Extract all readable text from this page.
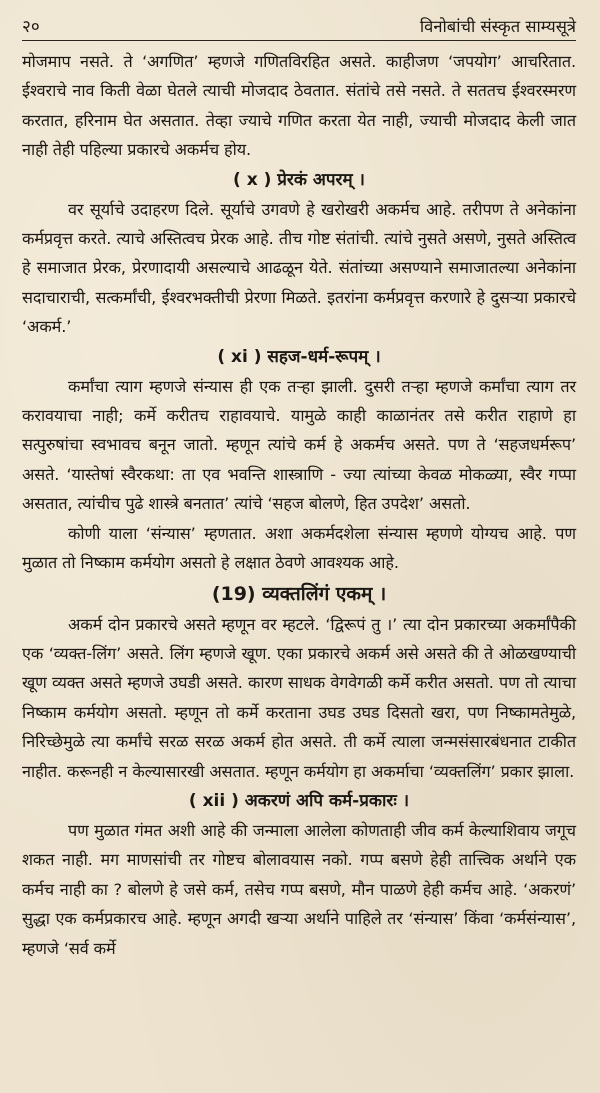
२०	विनोबांची संस्कृत साम्यसूत्रे

मोजमाप नसते. ते ‘अगणित’ म्हणजे गणितविरहित असते. काहीजण ‘जपयोग’ आचरितात. ईश्वराचे नाव किती वेळा घेतले त्याची मोजदाद ठेवतात. संतांचे तसे नसते. ते सततच ईश्वरस्मरण करतात, हरिनाम घेत असतात. तेव्हा ज्याचे गणित करता येत नाही, ज्याची मोजदाद केली जात नाही तेही पहिल्या प्रकारचे अकर्मच होय.

( x ) प्रेरकं अपरम् ।

वर सूर्याचे उदाहरण दिले. सूर्याचे उगवणे हे खरोखरी अकर्मच आहे. तरीपण ते अनेकांना कर्मप्रवृत्त करते. त्याचे अस्तित्वच प्रेरक आहे. तीच गोष्ट संतांची. त्यांचे नुसते असणे, नुसते अस्तित्व हे समाजात प्रेरक, प्रेरणादायी असल्याचे आढळून येते. संतांच्या असण्याने समाजातल्या अनेकांना सदाचाराची, सत्कर्मांची, ईश्वरभक्तीची प्रेरणा मिळते. इतरांना कर्मप्रवृत्त करणारे हे दुसऱ्या प्रकारचे ‘अकर्म.’

( xi ) सहज-धर्म-रूपम् ।

कर्मांचा त्याग म्हणजे संन्यास ही एक तऱ्हा झाली. दुसरी तऱ्हा म्हणजे कर्मांचा त्याग तर करावयाचा नाही; कर्मे करीतच राहावयाचे. यामुळे काही काळानंतर तसे करीत राहाणे हा सत्पुरुषांचा स्वभावच बनून जातो. म्हणून त्यांचे कर्म हे अकर्मच असते. पण ते ‘सहजधर्मरूप’ असते. ‘यास्तेषां स्वैरकथा: ता एव भवन्ति शास्त्राणि - ज्या त्यांच्या केवळ मोकळ्या, स्वैर गप्पा असतात, त्यांचीच पुढे शास्त्रे बनतात’ त्यांचे ‘सहज बोलणे, हित उपदेश’ असतो.

कोणी याला ‘संन्यास’ म्हणतात. अशा अकर्मदशेला संन्यास म्हणणे योग्यच आहे. पण मुळात तो निष्काम कर्मयोग असतो हे लक्षात ठेवणे आवश्यक आहे.

(19) व्यक्तलिंगं एकम् ।

अकर्म दोन प्रकारचे असते म्हणून वर म्हटले. ‘द्विरूपं तु ।’ त्या दोन प्रकारच्या अकर्मांपैकी एक ‘व्यक्त-लिंग’ असते. लिंग म्हणजे खूण. एका प्रकारचे अकर्म असे असते की ते ओळखण्याची खूण व्यक्त असते म्हणजे उघडी असते. कारण साधक वेगवेगळी कर्मे करीत असतो. पण तो त्याचा निष्काम कर्मयोग असतो. म्हणून तो कर्मे करताना उघड उघड दिसतो खरा, पण निष्कामतेमुळे, निरिच्छेमुळे त्या कर्मांचे सरळ सरळ अकर्म होत असते. ती कर्मे त्याला जन्मसंसारबंधनात टाकीत नाहीत. करूनही न केल्यासारखी असतात. म्हणून कर्मयोग हा अकर्माचा ‘व्यक्तलिंग’ प्रकार झाला.

( xii ) अकरणं अपि कर्म-प्रकारः ।

पण मुळात गंमत अशी आहे की जन्माला आलेला कोणताही जीव कर्म केल्याशिवाय जगूच शकत नाही. मग माणसांची तर गोष्टच बोलावयास नको. गप्प बसणे हेही तात्त्विक अर्थाने एक कर्मच नाही का ? बोलणे हे जसे कर्म, तसेच गप्प बसणे, मौन पाळणे हेही कर्मच आहे. ‘अकरणं’ सुद्धा एक कर्मप्रकारच आहे. म्हणून अगदी खऱ्या अर्थाने पाहिले तर ‘संन्यास’ किंवा ‘कर्मसंन्यास’, म्हणजे ‘सर्व कर्मे
